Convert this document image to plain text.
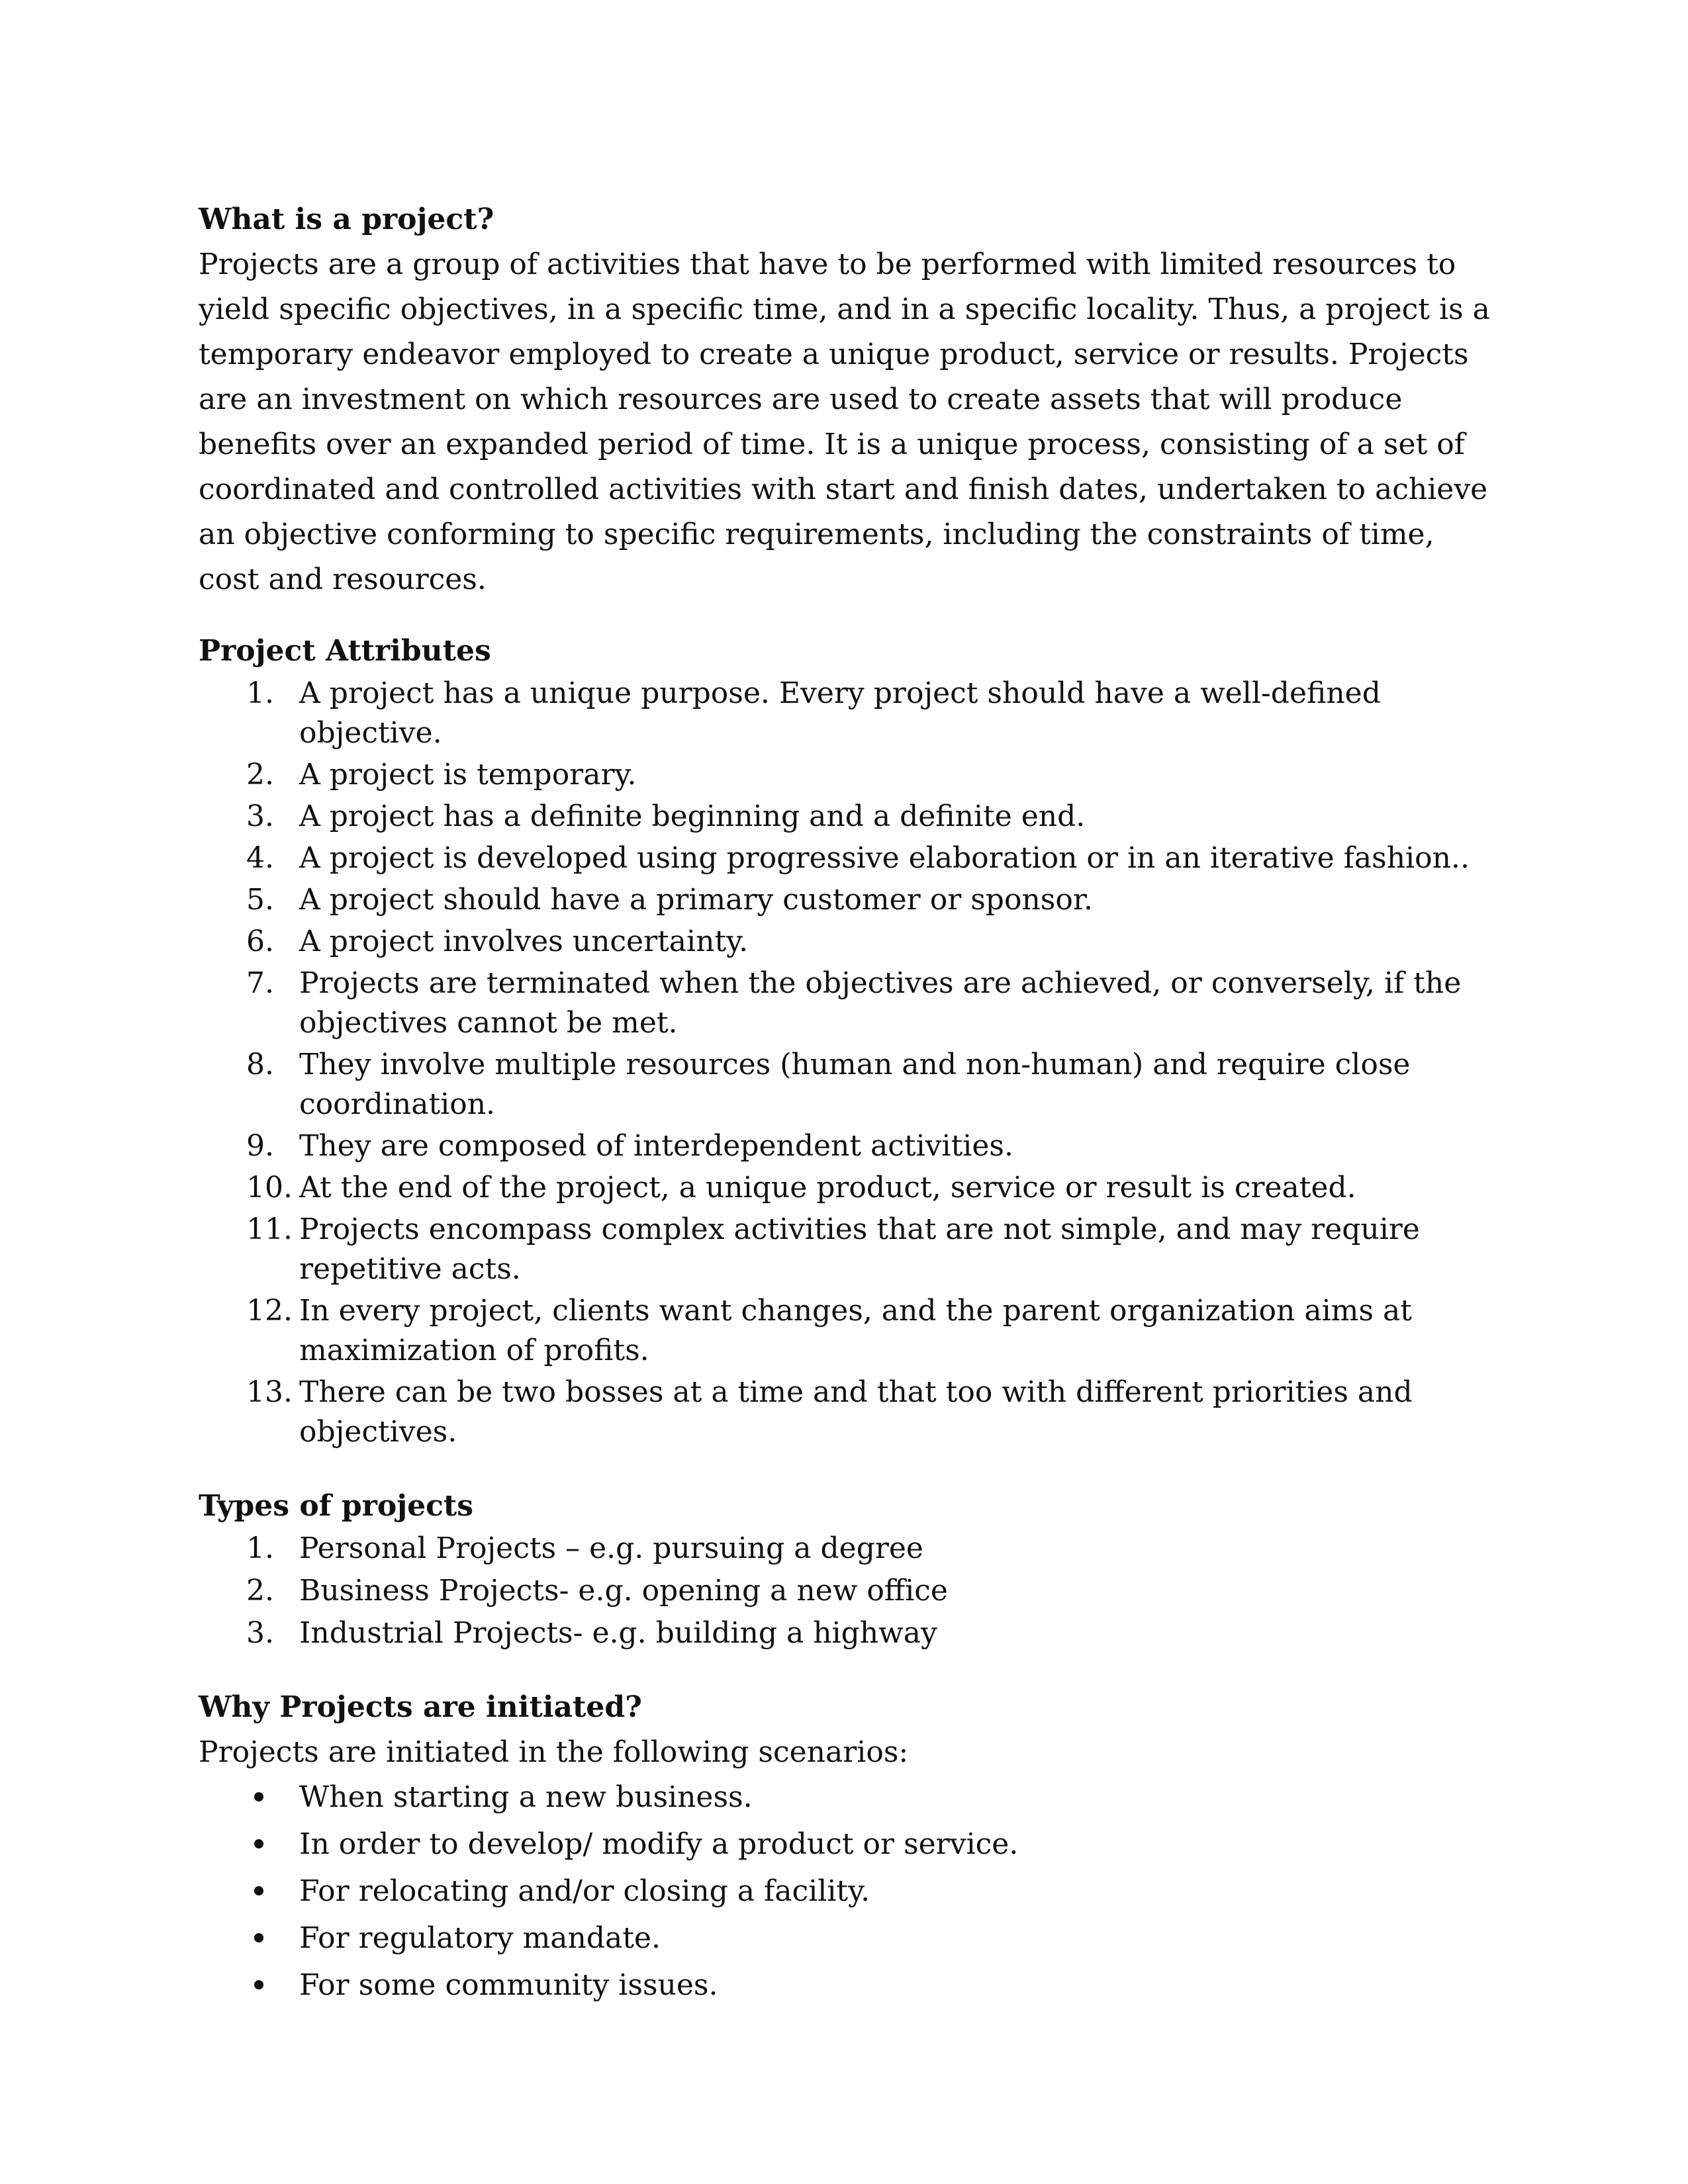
What is a project?

Projects are a group of activities that have to be performed with limited resources to yield specific objectives, in a specific time, and in a specific locality. Thus, a project is a temporary endeavor employed to create a unique product, service or results. Projects are an investment on which resources are used to create assets that will produce benefits over an expanded period of time. It is a unique process, consisting of a set of coordinated and controlled activities with start and finish dates, undertaken to achieve an objective conforming to specific requirements, including the constraints of time, cost and resources.

Project Attributes

1. A project has a unique purpose. Every project should have a well-defined objective.
2. A project is temporary.
3. A project has a definite beginning and a definite end.
4. A project is developed using progressive elaboration or in an iterative fashion..
5. A project should have a primary customer or sponsor.
6. A project involves uncertainty.
7. Projects are terminated when the objectives are achieved, or conversely, if the objectives cannot be met.
8. They involve multiple resources (human and non-human) and require close coordination.
9. They are composed of interdependent activities.
10. At the end of the project, a unique product, service or result is created.
11. Projects encompass complex activities that are not simple, and may require repetitive acts.
12. In every project, clients want changes, and the parent organization aims at maximization of profits.
13. There can be two bosses at a time and that too with different priorities and objectives.

Types of projects

1. Personal Projects – e.g. pursuing a degree
2. Business Projects- e.g. opening a new office
3. Industrial Projects- e.g. building a highway

Why Projects are initiated?

Projects are initiated in the following scenarios:

When starting a new business.
In order to develop/ modify a product or service.
For relocating and/or closing a facility.
For regulatory mandate.
For some community issues.
